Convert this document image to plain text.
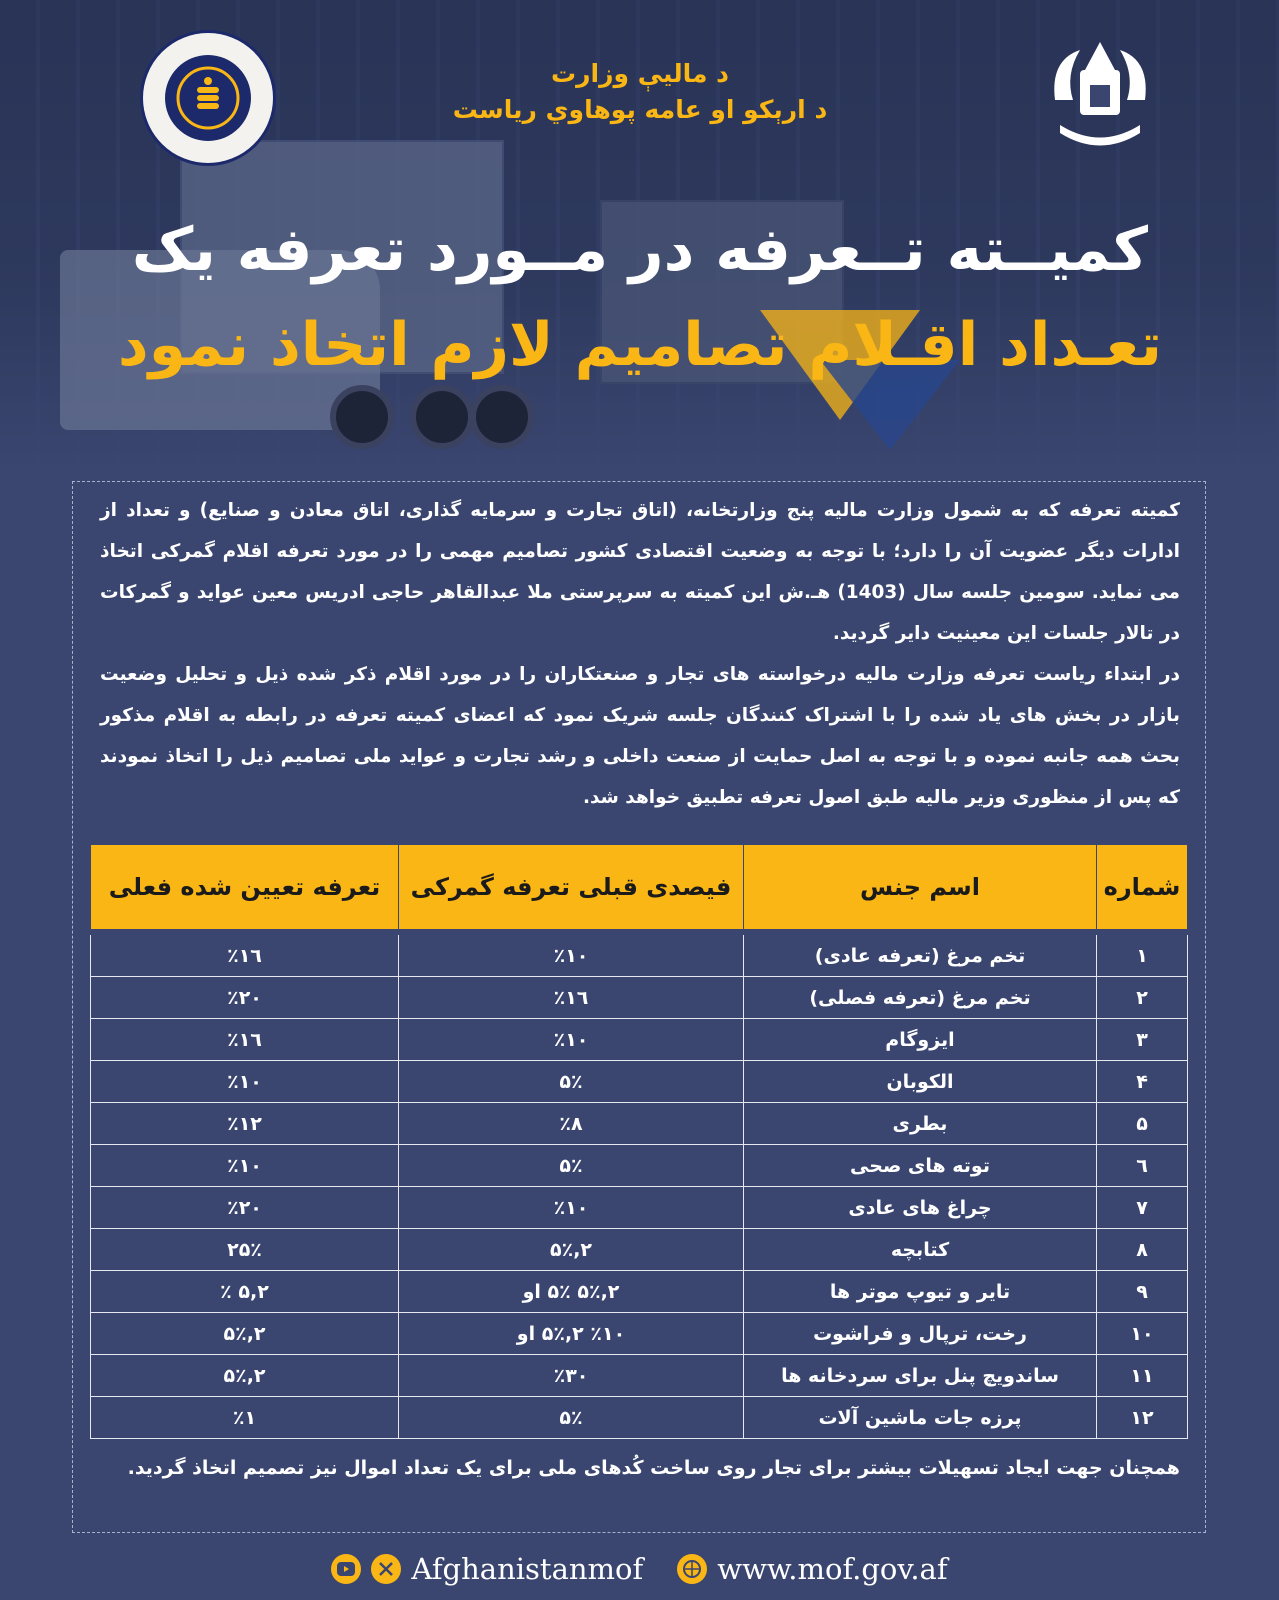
د مالیې وزارت
د ارېکو او عامه پوهاوي ریاست
کمیــته تــعرفه در مــورد تعرفه یک
تعـداد اقـلام تصامیم لازم اتخاذ نمود

کمیته تعرفه که به شمول وزارت مالیه پنج وزارتخانه، (اتاق تجارت و سرمایه گذاری، اتاق معادن و صنایع) و تعداد از ادارات دیگر عضویت آن را دارد؛ با توجه به وضعیت اقتصادی کشور تصامیم مهمی را در مورد تعرفه اقلام گمرکی اتخاذ می نماید. سومین جلسه سال (1403) هـ.ش این کمیته به سرپرستی ملا عبدالقاهر حاجی ادریس معین عواید و گمرکات در تالار جلسات این معینیت دایر گردید.

در ابتداء ریاست تعرفه وزارت مالیه درخواسته های تجار و صنعتکاران را در مورد اقلام ذکر شده ذیل و تحلیل وضعیت بازار در بخش های یاد شده را با اشتراک کنندگان جلسه شریک نمود که اعضای کمیته تعرفه در رابطه به اقلام مذکور بحث همه جانبه نموده و با توجه به اصل حمایت از صنعت داخلی و رشد تجارت و عواید ملی تصامیم ذیل را اتخاذ نمودند که پس از منظوری وزیر مالیه طبق اصول تعرفه تطبیق خواهد شد.

شماره	اسم جنس	فیصدی قبلی تعرفه گمرکی	تعرفه تعیین شده فعلی
١	تخم مرغ (تعرفه عادی)	١٠٪	١٦٪
٢	تخم مرغ (تعرفه فصلی)	١٦٪	٢٠٪
٣	ایزوگام	١٠٪	١٦٪
۴	الکوبان	۵٪	١٠٪
۵	بطری	٨٪	١٢٪
٦	توته های صحی	۵٪	١٠٪
٧	چراغ های عادی	١٠٪	٢٠٪
٨	کتابچه	٢,۵٪	٢۵٪
٩	تایر و تیوپ موتر ها	٢,۵٪ ۵٪ او	٢,۵ ٪
١٠	رخت، ترپال و فراشوت	١٠٪ ٢,۵٪ او	٢,۵٪
١١	ساندویچ پنل برای سردخانه ها	٣٠٪	٢,۵٪
١٢	پرزه جات ماشین آلات	۵٪	١٪
همچنان جهت ایجاد تسهیلات بیشتر برای تجار روی ساخت کُدهای ملی برای یک تعداد اموال نیز تصمیم اتخاذ گردید.
Afghanistanmof	www.mof.gov.af
